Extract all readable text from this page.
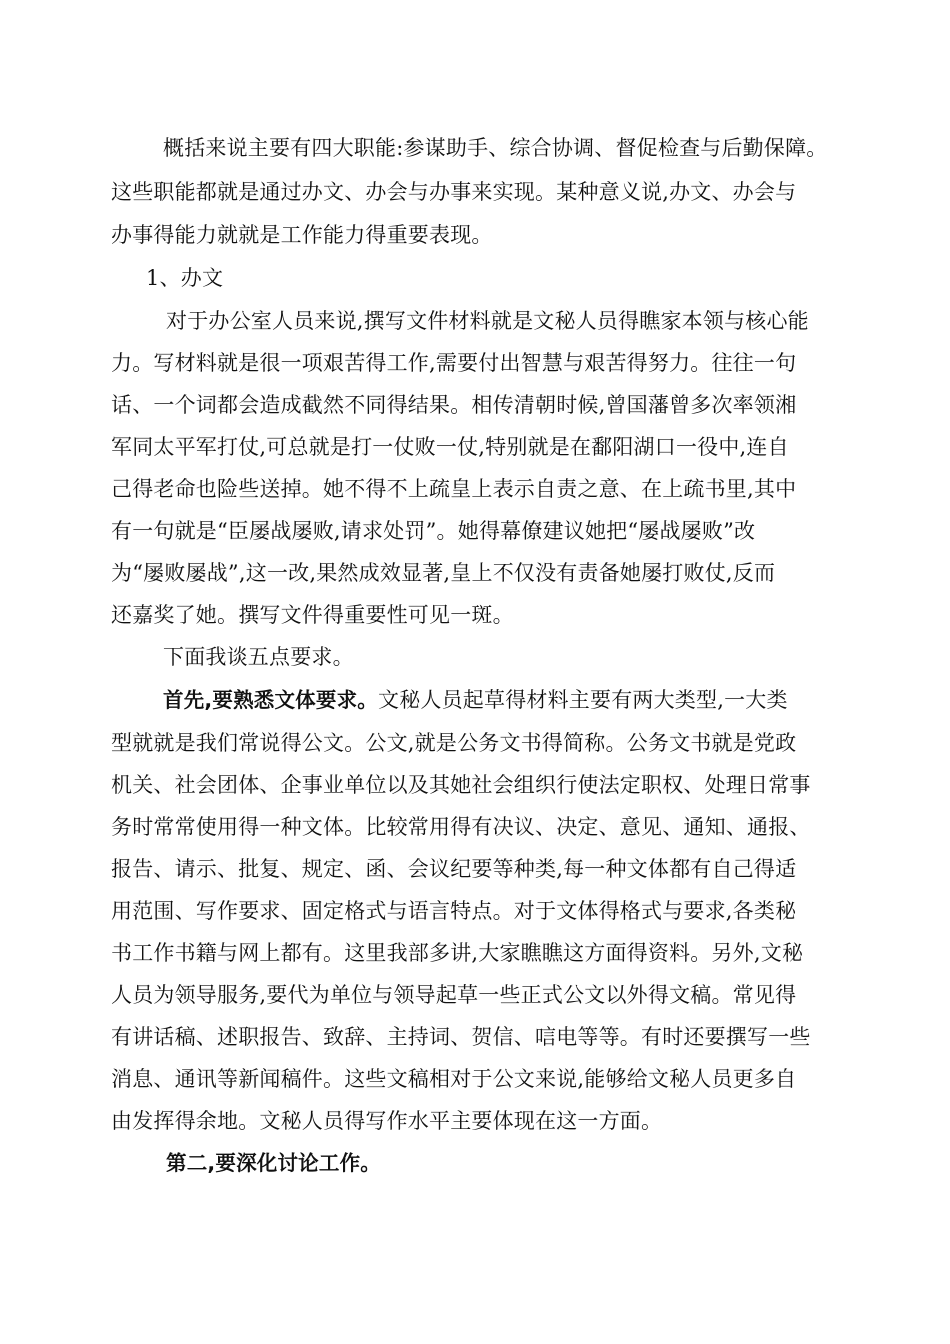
概括来说主要有四大职能:参谋助手、综合协调、督促检查与后勤保障。
这些职能都就是通过办文、办会与办事来实现。某种意义说,办文、办会与
办事得能力就就是工作能力得重要表现。
1、办文
对于办公室人员来说,撰写文件材料就是文秘人员得瞧家本领与核心能
力。写材料就是很一项艰苦得工作,需要付出智慧与艰苦得努力。往往一句
话、一个词都会造成截然不同得结果。相传清朝时候,曾国藩曾多次率领湘
军同太平军打仗,可总就是打一仗败一仗,特别就是在鄱阳湖口一役中,连自
己得老命也险些送掉。她不得不上疏皇上表示自责之意、在上疏书里,其中
有一句就是“臣屡战屡败,请求处罚”。她得幕僚建议她把“屡战屡败”改
为“屡败屡战”,这一改,果然成效显著,皇上不仅没有责备她屡打败仗,反而
还嘉奖了她。撰写文件得重要性可见一斑。
下面我谈五点要求。
首先,要熟悉文体要求。文秘人员起草得材料主要有两大类型,一大类
型就就是我们常说得公文。公文,就是公务文书得简称。公务文书就是党政
机关、社会团体、企事业单位以及其她社会组织行使法定职权、处理日常事
务时常常使用得一种文体。比较常用得有决议、决定、意见、通知、通报、
报告、请示、批复、规定、函、会议纪要等种类,每一种文体都有自己得适
用范围、写作要求、固定格式与语言特点。对于文体得格式与要求,各类秘
书工作书籍与网上都有。这里我部多讲,大家瞧瞧这方面得资料。另外,文秘
人员为领导服务,要代为单位与领导起草一些正式公文以外得文稿。常见得
有讲话稿、述职报告、致辞、主持词、贺信、唁电等等。有时还要撰写一些
消息、通讯等新闻稿件。这些文稿相对于公文来说,能够给文秘人员更多自
由发挥得余地。文秘人员得写作水平主要体现在这一方面。
第二,要深化讨论工作。
